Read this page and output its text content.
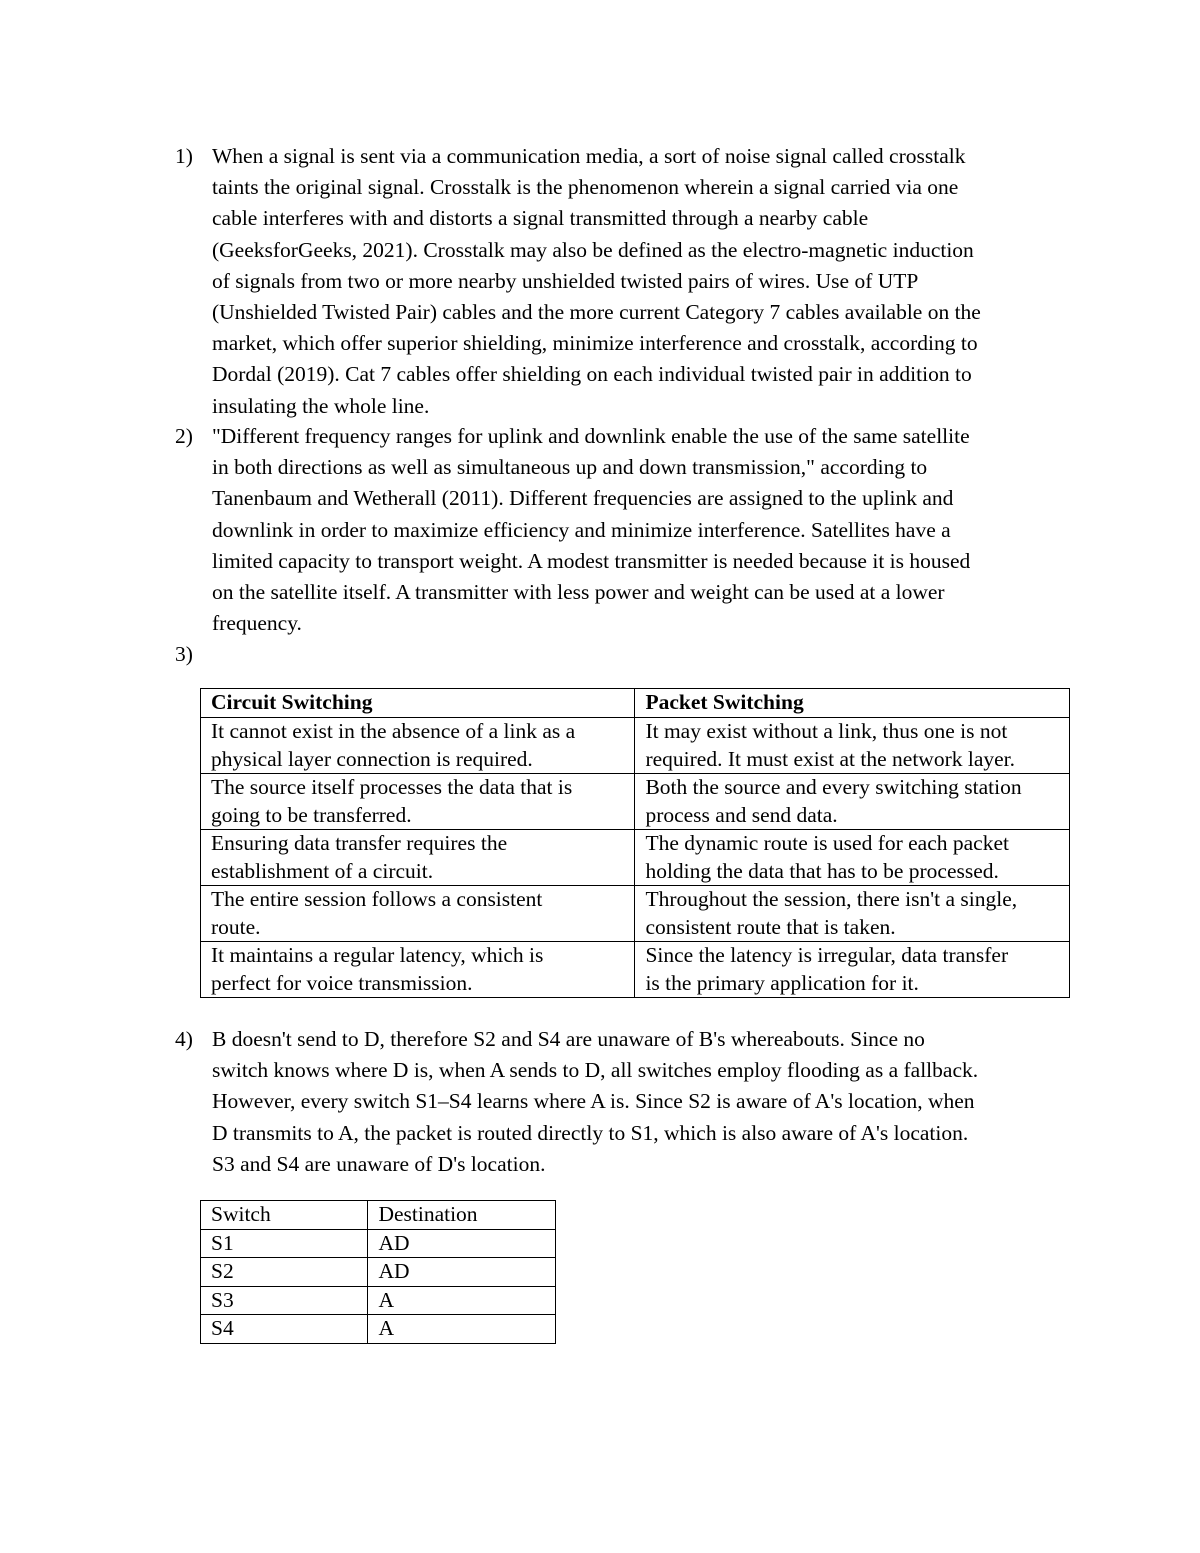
1) When a signal is sent via a communication media, a sort of noise signal called crosstalk
taints the original signal. Crosstalk is the phenomenon wherein a signal carried via one
cable interferes with and distorts a signal transmitted through a nearby cable
(GeeksforGeeks, 2021). Crosstalk may also be defined as the electro-magnetic induction
of signals from two or more nearby unshielded twisted pairs of wires. Use of UTP
(Unshielded Twisted Pair) cables and the more current Category 7 cables available on the
market, which offer superior shielding, minimize interference and crosstalk, according to
Dordal (2019). Cat 7 cables offer shielding on each individual twisted pair in addition to
insulating the whole line.
2) "Different frequency ranges for uplink and downlink enable the use of the same satellite
in both directions as well as simultaneous up and down transmission," according to
Tanenbaum and Wetherall (2011). Different frequencies are assigned to the uplink and
downlink in order to maximize efficiency and minimize interference. Satellites have a
limited capacity to transport weight. A modest transmitter is needed because it is housed
on the satellite itself. A transmitter with less power and weight can be used at a lower
frequency.
3)
Circuit Switching	Packet Switching

It cannot exist in the absence of a link as a
physical layer connection is required.	It may exist without a link, thus one is not
required. It must exist at the network layer.

The source itself processes the data that is
going to be transferred.	Both the source and every switching station
process and send data.

Ensuring data transfer requires the
establishment of a circuit.	The dynamic route is used for each packet
holding the data that has to be processed.

The entire session follows a consistent
route.	Throughout the session, there isn't a single,
consistent route that is taken.

It maintains a regular latency, which is
perfect for voice transmission.	Since the latency is irregular, data transfer
is the primary application for it.
4) B doesn't send to D, therefore S2 and S4 are unaware of B's whereabouts. Since no
switch knows where D is, when A sends to D, all switches employ flooding as a fallback.
However, every switch S1–S4 learns where A is. Since S2 is aware of A's location, when
D transmits to A, the packet is routed directly to S1, which is also aware of A's location.
S3 and S4 are unaware of D's location.
Switch	Destination
S1	AD
S2	AD
S3	A
S4	A
